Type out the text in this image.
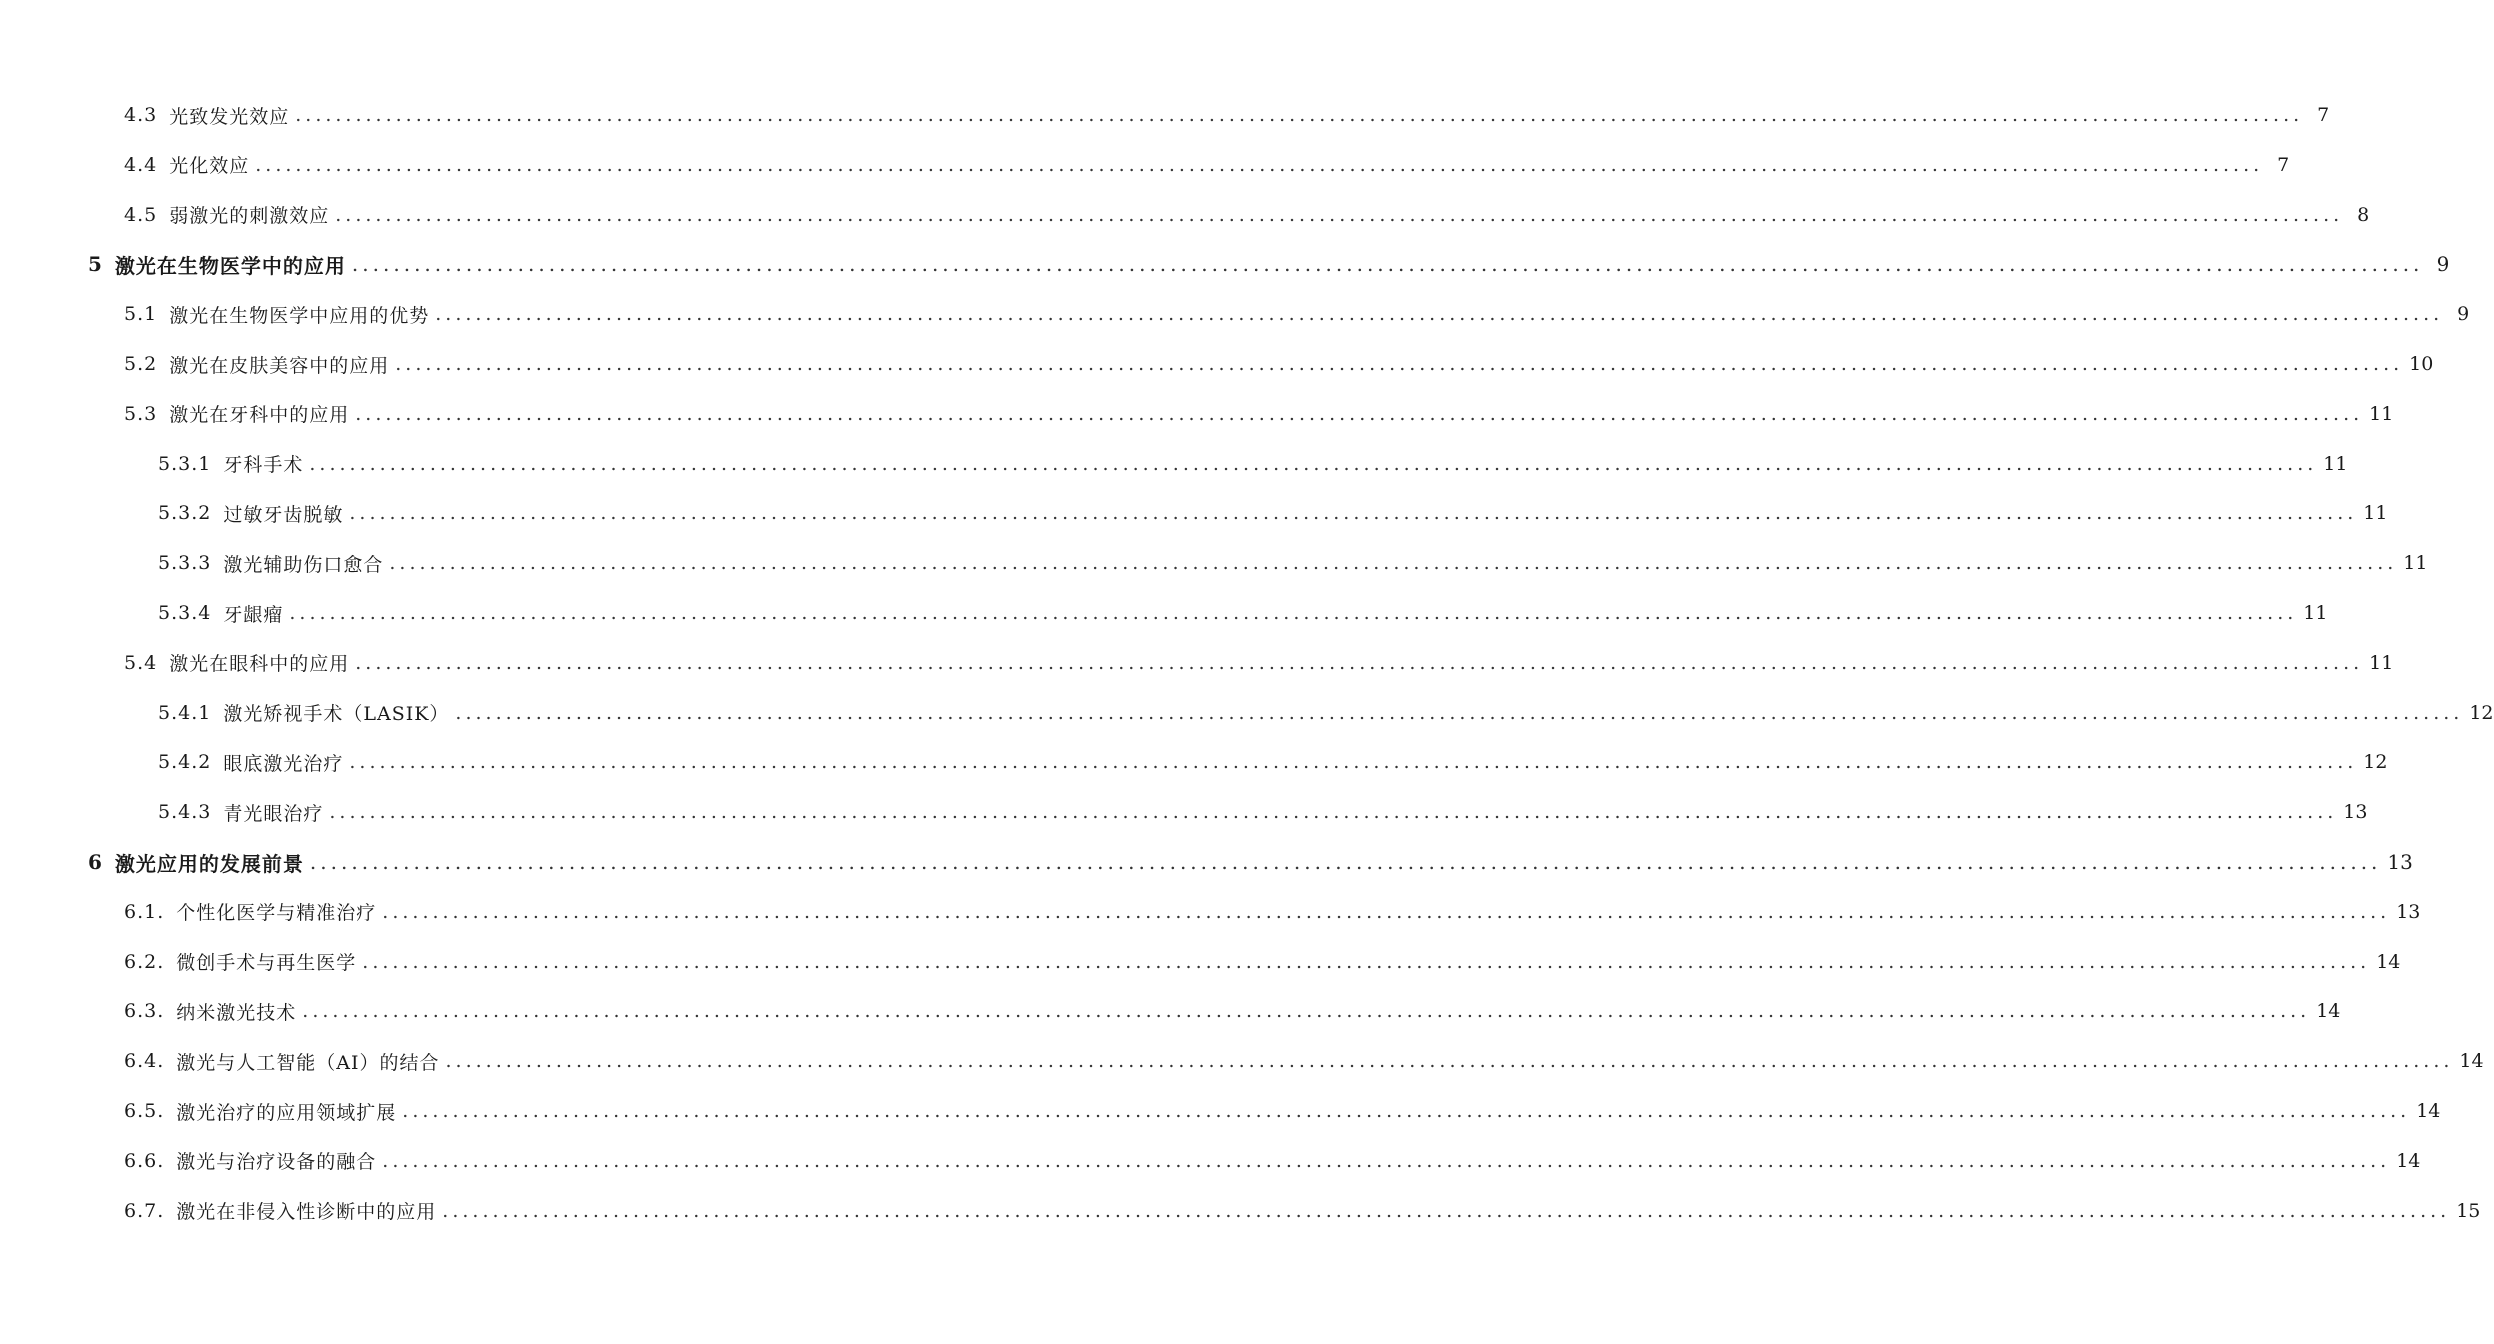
4.3 光致发光效应 ........................................................................................................................................................................................................ 7
4.4 光化效应 ........................................................................................................................................................................................................ 7
4.5 弱激光的刺激效应 ........................................................................................................................................................................................................ 8
5 激光在生物医学中的应用 ........................................................................................................................................................................................................ 9
5.1 激光在生物医学中应用的优势 ........................................................................................................................................................................................................ 9
5.2 激光在皮肤美容中的应用 ........................................................................................................................................................................................................ 10
5.3 激光在牙科中的应用 ........................................................................................................................................................................................................ 11
5.3.1 牙科手术 ........................................................................................................................................................................................................ 11
5.3.2 过敏牙齿脱敏 ........................................................................................................................................................................................................ 11
5.3.3 激光辅助伤口愈合 ........................................................................................................................................................................................................ 11
5.3.4 牙龈瘤 ........................................................................................................................................................................................................ 11
5.4 激光在眼科中的应用 ........................................................................................................................................................................................................ 11
5.4.1 激光矫视手术（LASIK） ........................................................................................................................................................................................................ 12
5.4.2 眼底激光治疗 ........................................................................................................................................................................................................ 12
5.4.3 青光眼治疗 ........................................................................................................................................................................................................ 13
6 激光应用的发展前景 ........................................................................................................................................................................................................ 13
6.1. 个性化医学与精准治疗 ........................................................................................................................................................................................................ 13
6.2. 微创手术与再生医学 ........................................................................................................................................................................................................ 14
6.3. 纳米激光技术 ........................................................................................................................................................................................................ 14
6.4. 激光与人工智能（AI）的结合 ........................................................................................................................................................................................................ 14
6.5. 激光治疗的应用领域扩展 ........................................................................................................................................................................................................ 14
6.6. 激光与治疗设备的融合 ........................................................................................................................................................................................................ 14
6.7. 激光在非侵入性诊断中的应用 ........................................................................................................................................................................................................ 15
